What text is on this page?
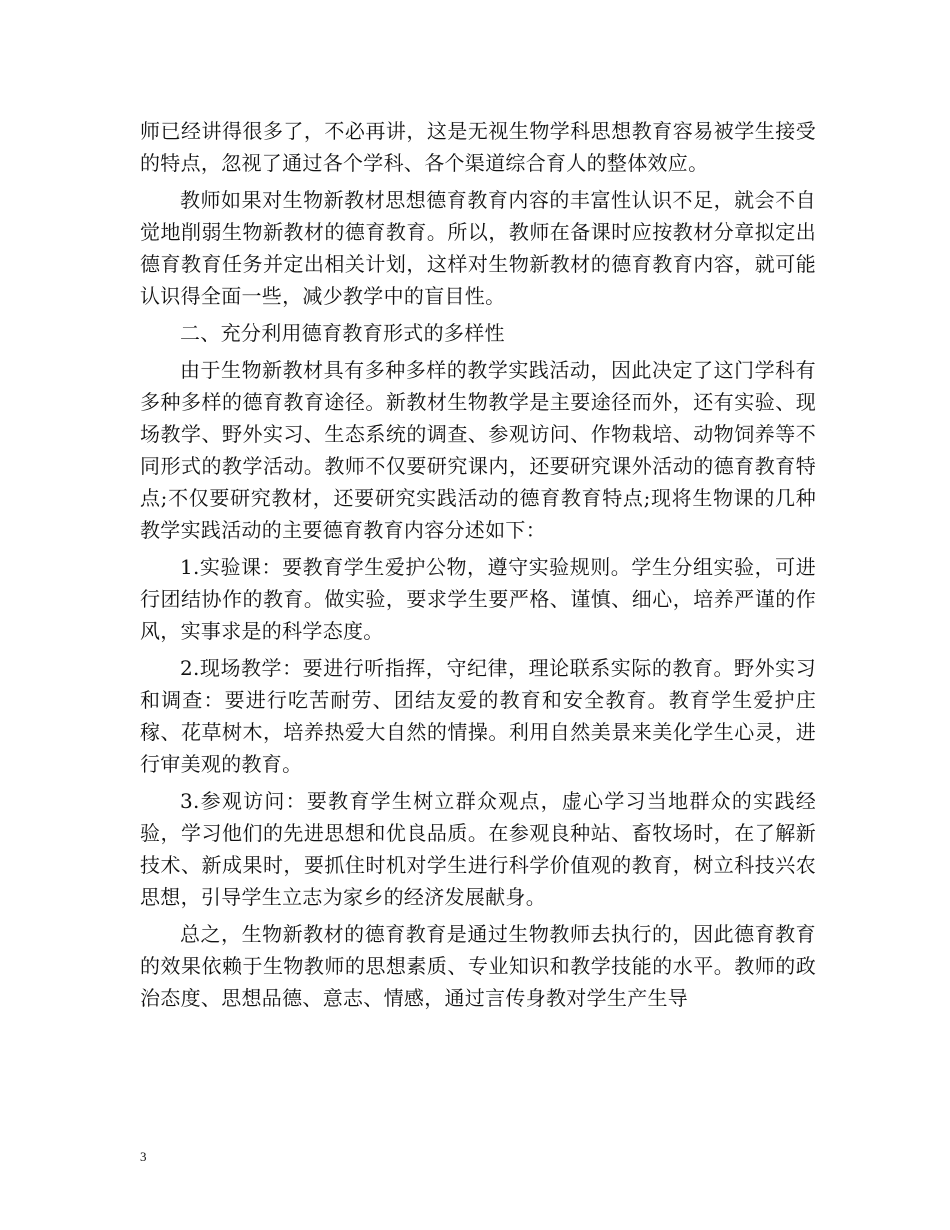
师已经讲得很多了，不必再讲，这是无视生物学科思想教育容易被学生接受的特点，忽视了通过各个学科、各个渠道综合育人的整体效应。

教师如果对生物新教材思想德育教育内容的丰富性认识不足，就会不自觉地削弱生物新教材的德育教育。所以，教师在备课时应按教材分章拟定出德育教育任务并定出相关计划，这样对生物新教材的德育教育内容，就可能认识得全面一些，减少教学中的盲目性。

二、充分利用德育教育形式的多样性

由于生物新教材具有多种多样的教学实践活动，因此决定了这门学科有多种多样的德育教育途径。新教材生物教学是主要途径而外，还有实验、现场教学、野外实习、生态系统的调查、参观访问、作物栽培、动物饲养等不同形式的教学活动。教师不仅要研究课内，还要研究课外活动的德育教育特点;不仅要研究教材，还要研究实践活动的德育教育特点;现将生物课的几种教学实践活动的主要德育教育内容分述如下：

1.实验课：要教育学生爱护公物，遵守实验规则。学生分组实验，可进行团结协作的教育。做实验，要求学生要严格、谨慎、细心，培养严谨的作风，实事求是的科学态度。

2.现场教学：要进行听指挥，守纪律，理论联系实际的教育。野外实习和调查：要进行吃苦耐劳、团结友爱的教育和安全教育。教育学生爱护庄稼、花草树木，培养热爱大自然的情操。利用自然美景来美化学生心灵，进行审美观的教育。

3.参观访问：要教育学生树立群众观点，虚心学习当地群众的实践经验，学习他们的先进思想和优良品质。在参观良种站、畜牧场时，在了解新技术、新成果时，要抓住时机对学生进行科学价值观的教育，树立科技兴农思想，引导学生立志为家乡的经济发展献身。

总之，生物新教材的德育教育是通过生物教师去执行的，因此德育教育的效果依赖于生物教师的思想素质、专业知识和教学技能的水平。教师的政治态度、思想品德、意志、情感，通过言传身教对学生产生导

3
